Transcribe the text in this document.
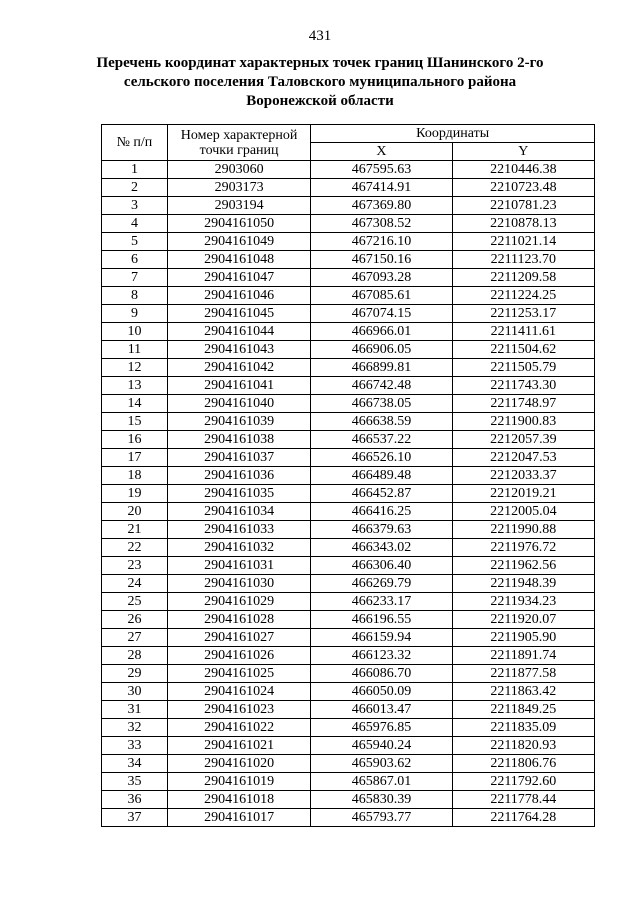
431
Перечень координат характерных точек границ Шанинского 2-го
сельского поселения Таловского муниципального района
Воронежской области
№ п/п	Номер характерной точки границ	Координаты	
		X	Y
1	2903060	467595.63	2210446.38
2	2903173	467414.91	2210723.48
3	2903194	467369.80	2210781.23
4	2904161050	467308.52	2210878.13
5	2904161049	467216.10	2211021.14
6	2904161048	467150.16	2211123.70
7	2904161047	467093.28	2211209.58
8	2904161046	467085.61	2211224.25
9	2904161045	467074.15	2211253.17
10	2904161044	466966.01	2211411.61
11	2904161043	466906.05	2211504.62
12	2904161042	466899.81	2211505.79
13	2904161041	466742.48	2211743.30
14	2904161040	466738.05	2211748.97
15	2904161039	466638.59	2211900.83
16	2904161038	466537.22	2212057.39
17	2904161037	466526.10	2212047.53
18	2904161036	466489.48	2212033.37
19	2904161035	466452.87	2212019.21
20	2904161034	466416.25	2212005.04
21	2904161033	466379.63	2211990.88
22	2904161032	466343.02	2211976.72
23	2904161031	466306.40	2211962.56
24	2904161030	466269.79	2211948.39
25	2904161029	466233.17	2211934.23
26	2904161028	466196.55	2211920.07
27	2904161027	466159.94	2211905.90
28	2904161026	466123.32	2211891.74
29	2904161025	466086.70	2211877.58
30	2904161024	466050.09	2211863.42
31	2904161023	466013.47	2211849.25
32	2904161022	465976.85	2211835.09
33	2904161021	465940.24	2211820.93
34	2904161020	465903.62	2211806.76
35	2904161019	465867.01	2211792.60
36	2904161018	465830.39	2211778.44
37	2904161017	465793.77	2211764.28
